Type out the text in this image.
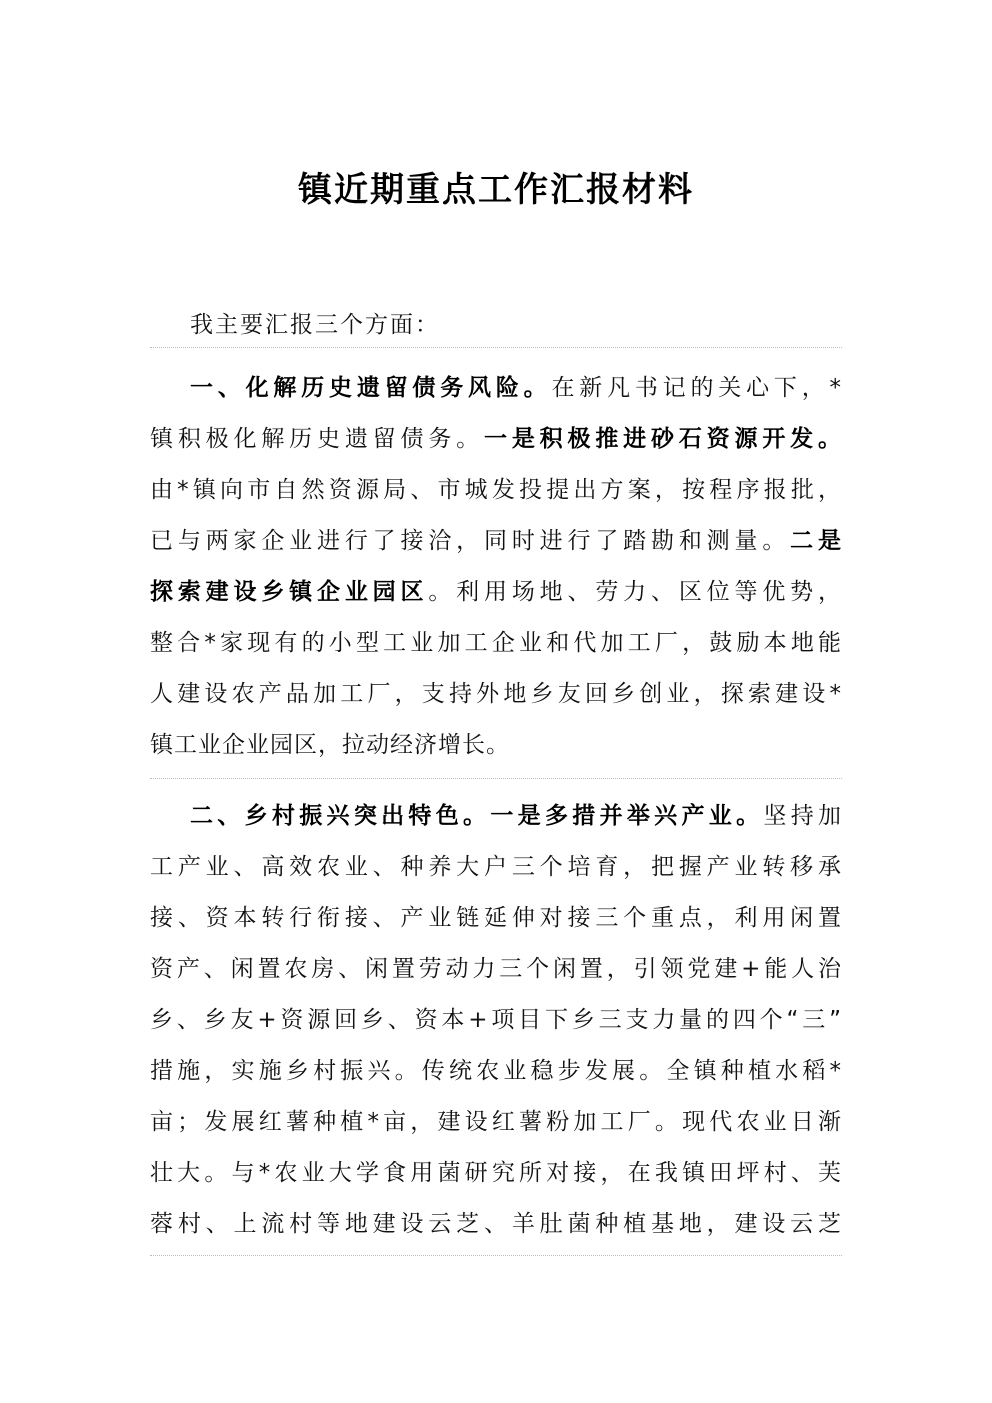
镇近期重点工作汇报材料
我主要汇报三个方面：
一、化解历史遗留债务风险。在新凡书记的关心下，*
镇积极化解历史遗留债务。一是积极推进砂石资源开发。
由*镇向市自然资源局、市城发投提出方案，按程序报批，
已与两家企业进行了接洽，同时进行了踏勘和测量。二是
探索建设乡镇企业园区。利用场地、劳力、区位等优势，
整合*家现有的小型工业加工企业和代加工厂，鼓励本地能
人建设农产品加工厂，支持外地乡友回乡创业，探索建设*
镇工业企业园区，拉动经济增长。
二、乡村振兴突出特色。一是多措并举兴产业。坚持加
工产业、高效农业、种养大户三个培育，把握产业转移承
接、资本转行衔接、产业链延伸对接三个重点，利用闲置
资产、闲置农房、闲置劳动力三个闲置，引领党建+能人治
乡、乡友+资源回乡、资本+项目下乡三支力量的四个“三”
措施，实施乡村振兴。传统农业稳步发展。全镇种植水稻*
亩；发展红薯种植*亩，建设红薯粉加工厂。现代农业日渐
壮大。与*农业大学食用菌研究所对接，在我镇田坪村、芙
蓉村、上流村等地建设云芝、羊肚菌种植基地，建设云芝
